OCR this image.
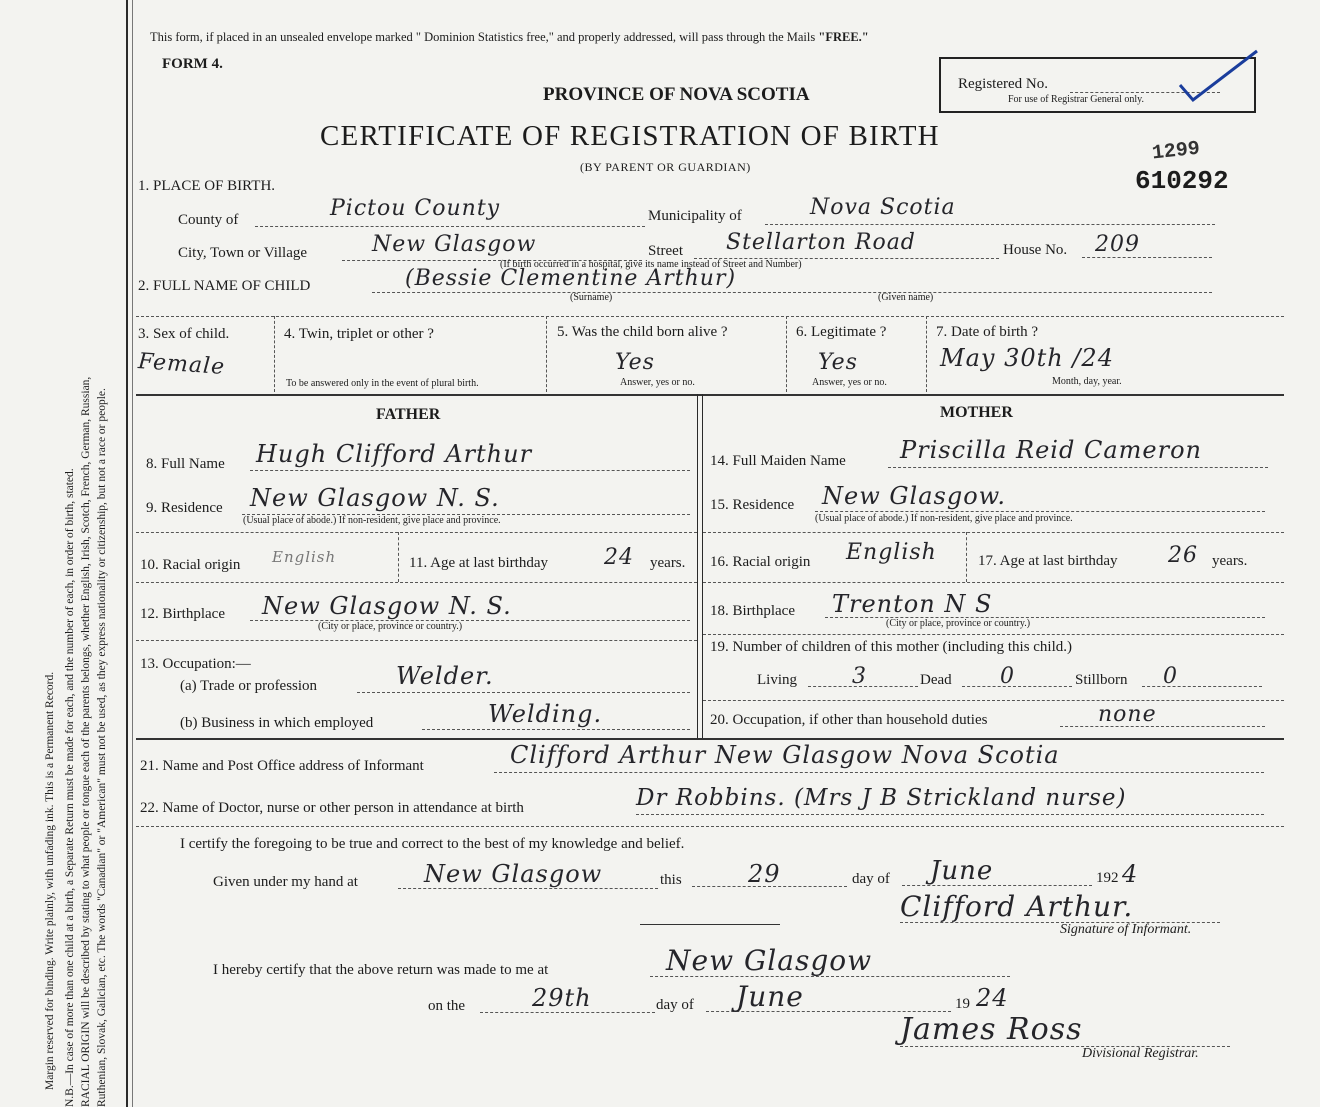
Ruthenian, Slovak, Galician, etc. The words "Canadian" or "American" must not be used, as they express nationality or citizenship, but not a race or people.
RACIAL ORIGIN will be described by stating to what people or tongue each of the parents belongs, whether English, Irish, Scotch, French, German, Russian,
N.B.—In case of more than one child at a birth, a Separate Return must be made for each, and the number of each, in order of birth, stated.
Margin reserved for binding. Write plainly, with unfading ink. This is a Permanent Record.
This form, if placed in an unsealed envelope marked " Dominion Statistics free," and properly addressed, will pass through the Mails "FREE."
FORM 4.
PROVINCE OF NOVA SCOTIA
CERTIFICATE OF REGISTRATION OF BIRTH
(BY PARENT OR GUARDIAN)
Registered No.
For use of Registrar General only.
1299
610292
1. PLACE OF BIRTH.
County of	Pictou County	Municipality of	Nova Scotia
City, Town or Village	New Glasgow	Street Stellarton Road	House No. 209
(If birth occurred in a hospital, give its name instead of Street and Number)
2. FULL NAME OF CHILD	(Bessie Clementine Arthur)
(Surname)	(Given name)
3. Sex of child.
Female
4. Twin, triplet or other ?
To be answered only in the event of plural birth.
5. Was the child born alive ?
Yes
Answer, yes or no.
6. Legitimate ?
Yes
Answer, yes or no.
7. Date of birth ?
May 30th /24
Month, day, year.
FATHER	MOTHER
8. Full Name Hugh Clifford Arthur
9. Residence New Glasgow N. S.
(Usual place of abode.) If non-resident, give place and province.
10. Racial origin English	11. Age at last birthday	24 years.
12. Birthplace New Glasgow N. S.
(City or place, province or country.)
13. Occupation:—
(a) Trade or profession	Welder.
(b) Business in which employed	Welding.
14. Full Maiden Name Priscilla Reid Cameron
15. Residence New Glasgow.
(Usual place of abode.) If non-resident, give place and province.
16. Racial origin English	17. Age at last birthday 26 years.
18. Birthplace Trenton N S
(City or place, province or country.)
19. Number of children of this mother (including this child.)
Living	3	Dead 0	Stillborn 0
20. Occupation, if other than household duties	none
21. Name and Post Office address of Informant	Clifford Arthur New Glasgow Nova Scotia
22. Name of Doctor, nurse or other person in attendance at birth	Dr Robbins. (Mrs J B Strickland nurse)
I certify the foregoing to be true and correct to the best of my knowledge and belief.
Given under my hand at	New Glasgow	this	29	day of June	192 4
Clifford Arthur.
Signature of Informant.
I hereby certify that the above return was made to me at	New Glasgow
on the	29th	day of June	19 24
James Ross
Divisional Registrar.
